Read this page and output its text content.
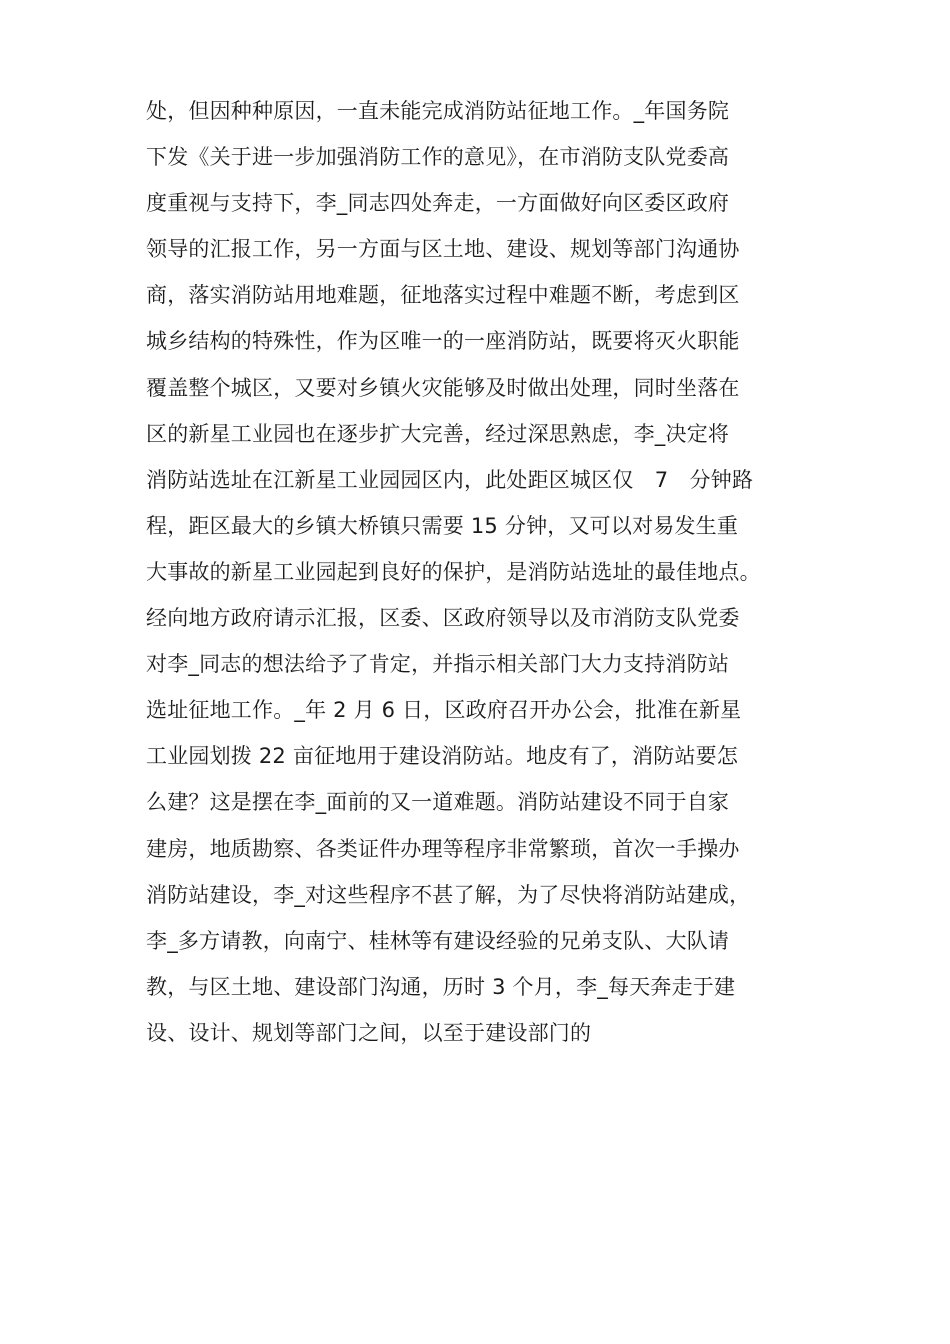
处，但因种种原因，一直未能完成消防站征地工作。_年国务院
下发《关于进一步加强消防工作的意见》，在市消防支队党委高
度重视与支持下，李_同志四处奔走，一方面做好向区委区政府
领导的汇报工作，另一方面与区土地、建设、规划等部门沟通协
商，落实消防站用地难题，征地落实过程中难题不断，考虑到区
城乡结构的特殊性，作为区唯一的一座消防站，既要将灭火职能
覆盖整个城区，又要对乡镇火灾能够及时做出处理，同时坐落在
区的新星工业园也在逐步扩大完善，经过深思熟虑，李_决定将
消防站选址在江新星工业园园区内，此处距区城区仅　7　分钟路
程，距区最大的乡镇大桥镇只需要 15 分钟，又可以对易发生重
大事故的新星工业园起到良好的保护，是消防站选址的最佳地点。
经向地方政府请示汇报，区委、区政府领导以及市消防支队党委
对李_同志的想法给予了肯定，并指示相关部门大力支持消防站
选址征地工作。_年 2 月 6 日，区政府召开办公会，批准在新星
工业园划拨 22 亩征地用于建设消防站。地皮有了，消防站要怎
么建？这是摆在李_面前的又一道难题。消防站建设不同于自家
建房，地质勘察、各类证件办理等程序非常繁琐，首次一手操办
消防站建设，李_对这些程序不甚了解，为了尽快将消防站建成，
李_多方请教，向南宁、桂林等有建设经验的兄弟支队、大队请
教，与区土地、建设部门沟通，历时 3 个月，李_每天奔走于建
设、设计、规划等部门之间，以至于建设部门的
